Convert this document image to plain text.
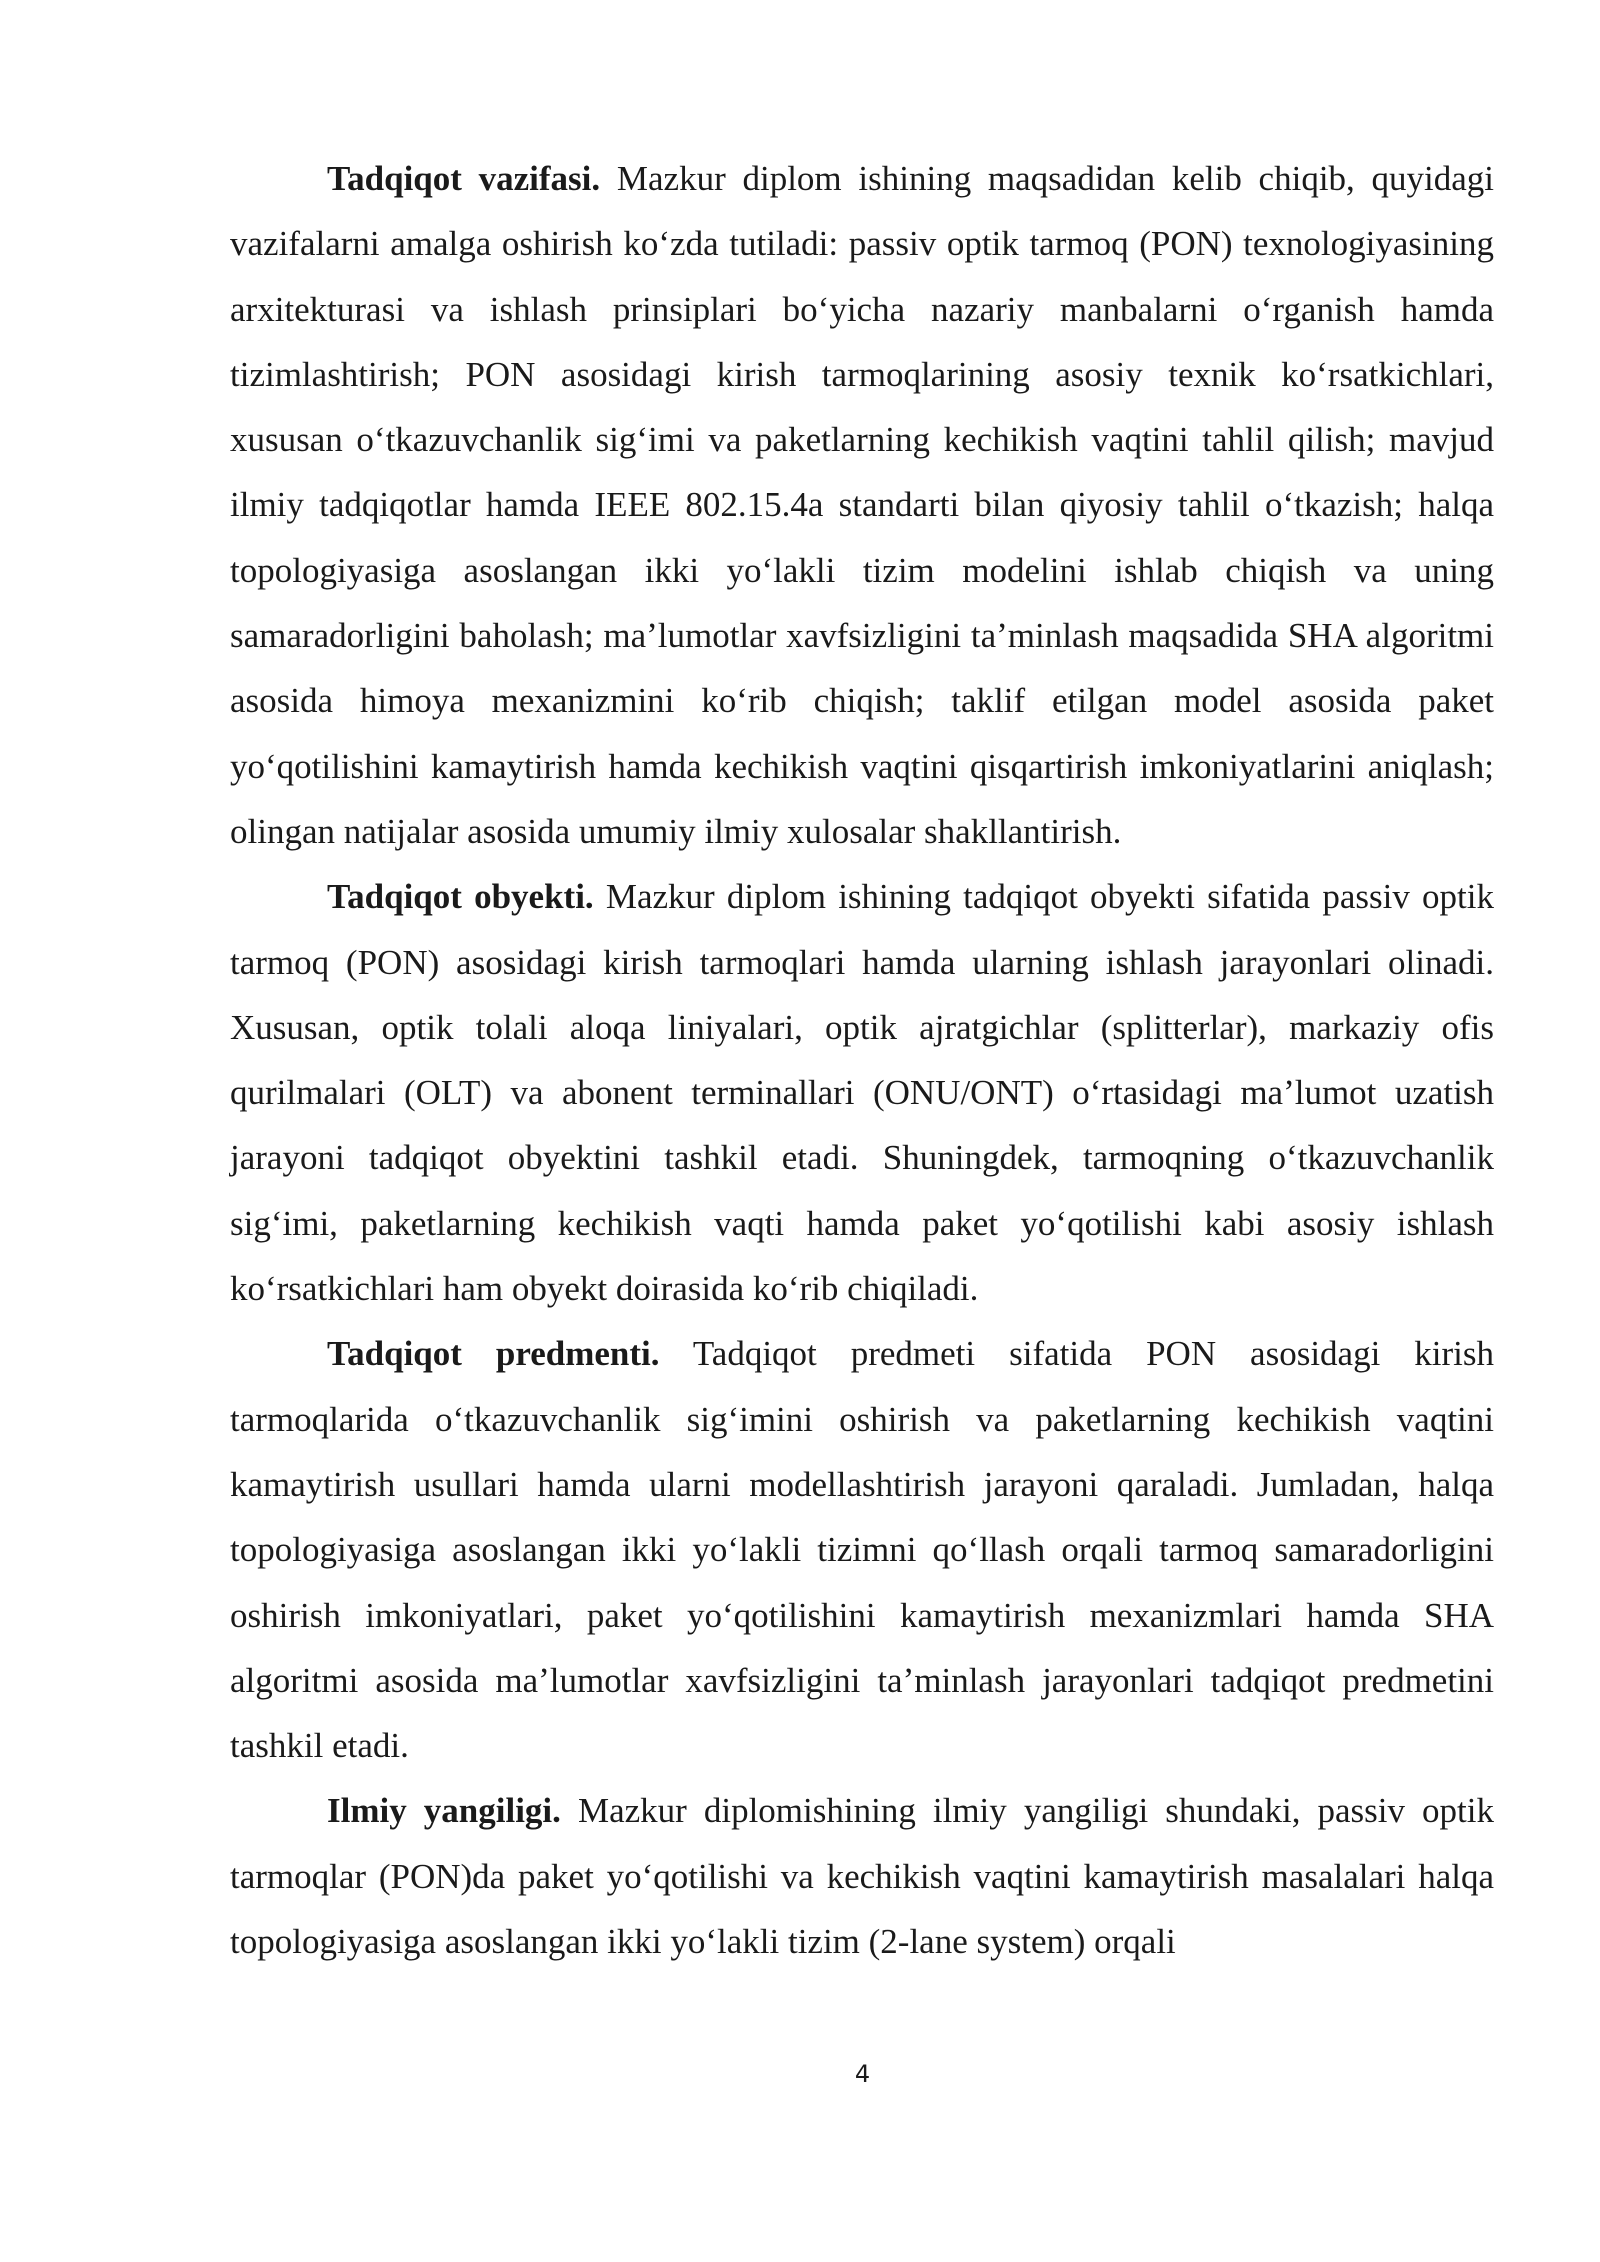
Tadqiqot vazifasi. Mazkur diplom ishining maqsadidan kelib chiqib, quyidagi vazifalarni amalga oshirish koʻzda tutiladi: passiv optik tarmoq (PON) texnologiyasining arxitekturasi va ishlash prinsiplari boʻyicha nazariy manbalarni oʻrganish hamda tizimlashtirish; PON asosidagi kirish tarmoqlarining asosiy texnik koʻrsatkichlari, xususan oʻtkazuvchanlik sigʻimi va paketlarning kechikish vaqtini tahlil qilish; mavjud ilmiy tadqiqotlar hamda IEEE 802.15.4a standarti bilan qiyosiy tahlil oʻtkazish; halqa topologiyasiga asoslangan ikki yoʻlakli tizim modelini ishlab chiqish va uning samaradorligini baholash; maʼlumotlar xavfsizligini taʼminlash maqsadida SHA algoritmi asosida himoya mexanizmini koʻrib chiqish; taklif etilgan model asosida paket yoʻqotilishini kamaytirish hamda kechikish vaqtini qisqartirish imkoniyatlarini aniqlash; olingan natijalar asosida umumiy ilmiy xulosalar shakllantirish.

Tadqiqot obyekti. Mazkur diplom ishining tadqiqot obyekti sifatida passiv optik tarmoq (PON) asosidagi kirish tarmoqlari hamda ularning ishlash jarayonlari olinadi. Xususan, optik tolali aloqa liniyalari, optik ajratgichlar (splitterlar), markaziy ofis qurilmalari (OLT) va abonent terminallari (ONU/ONT) oʻrtasidagi maʼlumot uzatish jarayoni tadqiqot obyektini tashkil etadi. Shuningdek, tarmoqning oʻtkazuvchanlik sigʻimi, paketlarning kechikish vaqti hamda paket yoʻqotilishi kabi asosiy ishlash koʻrsatkichlari ham obyekt doirasida koʻrib chiqiladi.

Tadqiqot predmenti. Tadqiqot predmeti sifatida PON asosidagi kirish tarmoqlarida oʻtkazuvchanlik sigʻimini oshirish va paketlarning kechikish vaqtini kamaytirish usullari hamda ularni modellashtirish jarayoni qaraladi. Jumladan, halqa topologiyasiga asoslangan ikki yoʻlakli tizimni qoʻllash orqali tarmoq samaradorligini oshirish imkoniyatlari, paket yoʻqotilishini kamaytirish mexanizmlari hamda SHA algoritmi asosida maʼlumotlar xavfsizligini taʼminlash jarayonlari tadqiqot predmetini tashkil etadi.

Ilmiy yangiligi. Mazkur diplomishining ilmiy yangiligi shundaki, passiv optik tarmoqlar (PON)da paket yoʻqotilishi va kechikish vaqtini kamaytirish masalalari halqa topologiyasiga asoslangan ikki yoʻlakli tizim (2-lane system) orqali

4
